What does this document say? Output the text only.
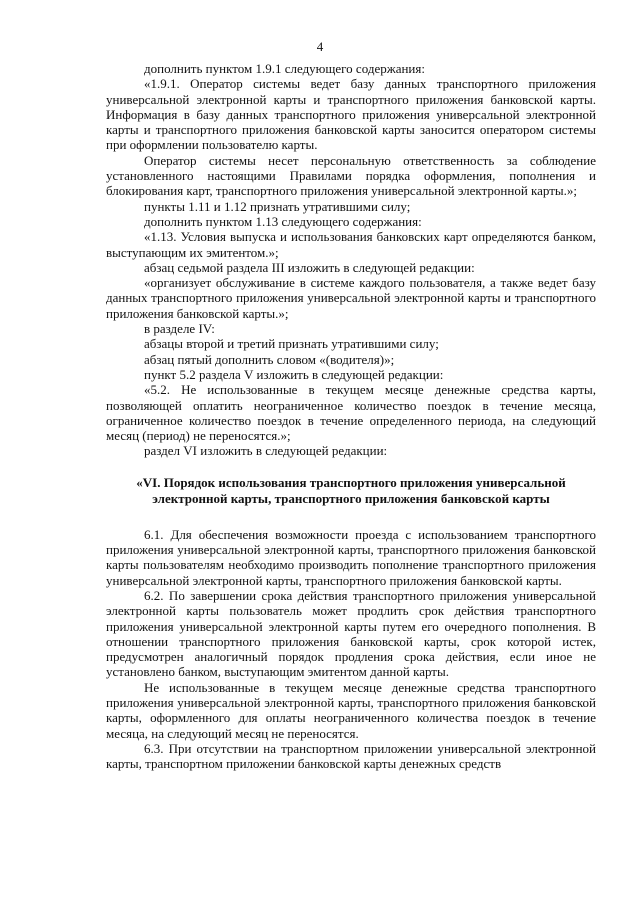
4

дополнить пунктом 1.9.1 следующего содержания:

«1.9.1. Оператор системы ведет базу данных транспортного приложения универсальной электронной карты и транспортного приложения банковской карты. Информация в базу данных транспортного приложения универсальной электронной карты и транспортного приложения банковской карты заносится оператором системы при оформлении пользователю карты.

Оператор системы несет персональную ответственность за соблюдение установленного настоящими Правилами порядка оформления, пополнения и блокирования карт, транспортного приложения универсальной электронной карты.»;

пункты 1.11 и 1.12 признать утратившими силу;

дополнить пунктом 1.13 следующего содержания:

«1.13. Условия выпуска и использования банковских карт определяются банком, выступающим их эмитентом.»;

абзац седьмой раздела III изложить в следующей редакции:

«организует обслуживание в системе каждого пользователя, а также ведет базу данных транспортного приложения универсальной электронной карты и транспортного приложения банковской карты.»;

в разделе IV:

абзацы второй и третий признать утратившими силу;

абзац пятый дополнить словом «(водителя)»;

пункт 5.2 раздела V изложить в следующей редакции:

«5.2. Не использованные в текущем месяце денежные средства карты, позволяющей оплатить неограниченное количество поездок в течение месяца, ограниченное количество поездок в течение определенного периода, на следующий месяц (период) не переносятся.»;

раздел VI изложить в следующей редакции:

«VI. Порядок использования транспортного приложения универсальной электронной карты, транспортного приложения банковской карты

6.1. Для обеспечения возможности проезда с использованием транспортного приложения универсальной электронной карты, транспортного приложения банковской карты пользователям необходимо производить пополнение транспортного приложения универсальной электронной карты, транспортного приложения банковской карты.

6.2. По завершении срока действия транспортного приложения универсальной электронной карты пользователь может продлить срок действия транспортного приложения универсальной электронной карты путем его очередного пополнения. В отношении транспортного приложения банковской карты, срок которой истек, предусмотрен аналогичный порядок продления срока действия, если иное не установлено банком, выступающим эмитентом данной карты.

Не использованные в текущем месяце денежные средства транспортного приложения универсальной электронной карты, транспортного приложения банковской карты, оформленного для оплаты неограниченного количества поездок в течение месяца, на следующий месяц не переносятся.

6.3. При отсутствии на транспортном приложении универсальной электронной карты, транспортном приложении банковской карты денежных средств
